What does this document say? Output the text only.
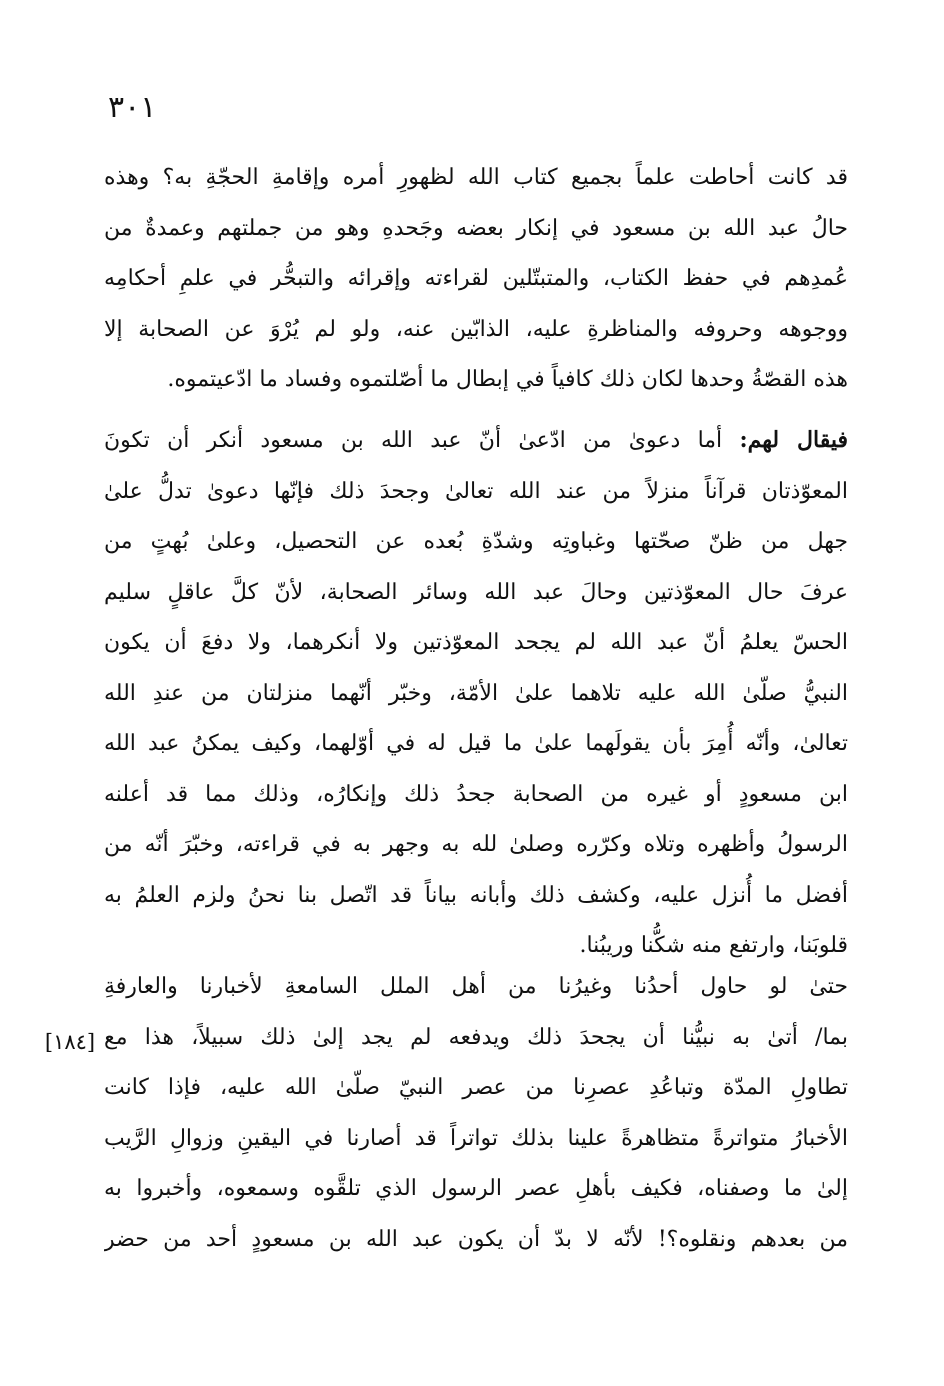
٣٠١
قد كانت أحاطت علماً بجميع كتاب الله لظهورِ أمره وإقامةِ الحجّةِ به؟ وهذه
حالُ عبد الله بن مسعود في إنكار بعضه وجَحدهِ وهو من جملتهم وعمدةٌ من
عُمدِهم في حفظ الكتاب، والمتبتّلين لقراءته وإقرائه والتبحُّر في علمِ أحكامِه
ووجوهه وحروفه والمناظرةِ عليه، الذابّين عنه، ولو لم يُرْوَ عن الصحابة إلا
هذه القصّةُ وحدها لكان ذلك كافياً في إبطال ما أصّلتموه وفساد ما ادّعيتموه.
فيقال لهم: أما دعوىٰ من ادّعىٰ أنّ عبد الله بن مسعود أنكر أن تكونَ
المعوّذتان قرآناً منزلاً من عند الله تعالىٰ وجحدَ ذلك فإنّها دعوىٰ تدلُّ علىٰ
جهل من ظنّ صحّتها وغباوتِه وشدّةِ بُعده عن التحصيل، وعلىٰ بُهتٍ من
عرفَ حال المعوّذتين وحالَ عبد الله وسائر الصحابة، لأنّ كلَّ عاقلٍ سليم
الحسّ يعلمُ أنّ عبد الله لم يجحد المعوّذتين ولا أنكرهما، ولا دفعَ أن يكون
النبيُّ صلّىٰ الله عليه تلاهما علىٰ الأمّة، وخبّر أنّهما منزلتان من عندِ الله
تعالىٰ، وأنّه أُمِرَ بأن يقولَهما علىٰ ما قيل له في أوّلهما، وكيف يمكنُ عبد الله
ابن مسعودٍ أو غيره من الصحابة جحدُ ذلك وإنكارُه، وذلك مما قد أعلنه
الرسولُ وأظهره وتلاه وكرّره وصلىٰ لله به وجهر به في قراءته، وخبّرَ أنّه من
أفضل ما أُنزل عليه، وكشف ذلك وأبانه بياناً قد اتّصل بنا نحنُ ولزم العلمُ به
قلوبَنا، وارتفع منه شكُّنا وريبُنا.
حتىٰ لو حاول أحدُنا وغيرُنا من أهل الملل السامعةِ لأخبارنا والعارفةِ
بما/ أتىٰ به نبيُّنا أن يجحدَ ذلك ويدفعه لم يجد إلىٰ ذلك سبيلاً، هذا مع
تطاولِ المدّة وتباعُدِ عصرِنا من عصر النبيّ صلّىٰ الله عليه، فإذا كانت
الأخبارُ متواترةً متظاهرةً علينا بذلك تواتراً قد أصارنا في اليقينِ وزوالِ الرَّيب
إلىٰ ما وصفناه، فكيف بأهلِ عصر الرسول الذي تلقَّوه وسمعوه، وأخبروا به
من بعدهم ونقلوه؟! لأنّه لا بدّ أن يكون عبد الله بن مسعودٍ أحد من حضر
[١٨٤]
